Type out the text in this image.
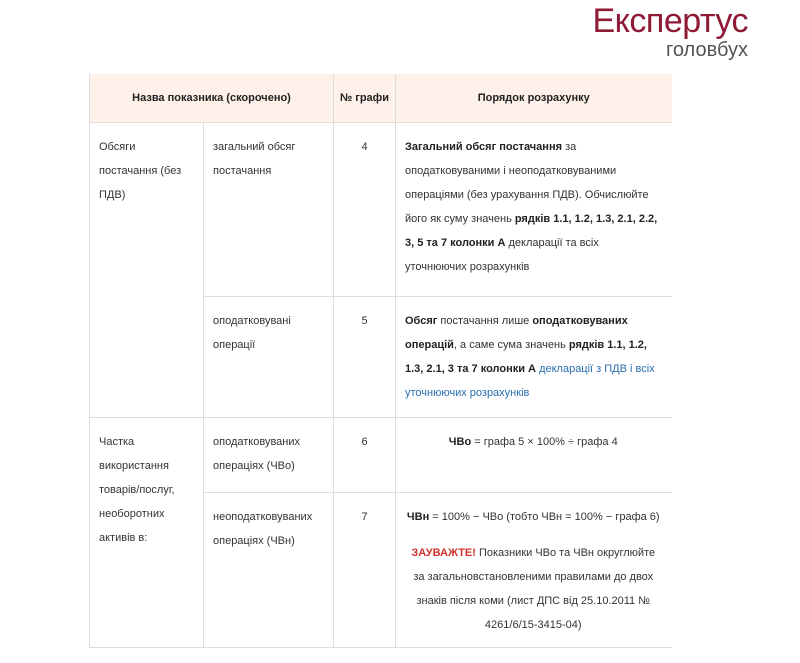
Експертус
головбух
Назва показника (скорочено)		№ графи	Порядок розрахунку
Обсяги постачання (без ПДВ)	загальний обсяг постачання	4	Загальний обсяг постачання за оподатковуваними і неоподатковуваними операціями (без урахування ПДВ). Обчислюйте його як суму значень рядків 1.1, 1.2, 1.3, 2.1, 2.2, 3, 5 та 7 колонки А декларації та всіх уточнюючих розрахунків

	оподатковувані операції	5	Обсяг постачання лише оподатковуваних операцій, а саме сума значень рядків 1.1, 1.2, 1.3, 2.1, 3 та 7 колонки А декларації з ПДВ і всіх уточнюючих розрахунків

Частка використання товарів/послуг, необоротних активів в:	оподатковуваних операціях (ЧВо)	6	ЧВо = графа 5 × 100% ÷ графа 4

	неоподатковуваних операціях (ЧВн)	7	ЧВн = 100% − ЧВо (тобто ЧВн = 100% − графа 6)
ЗАУВАЖТЕ! Показники ЧВо та ЧВн округлюйте за загальновстановленими правилами до двох знаків після коми (лист ДПС від 25.10.2011 № 4261/6/15-3415-04)
